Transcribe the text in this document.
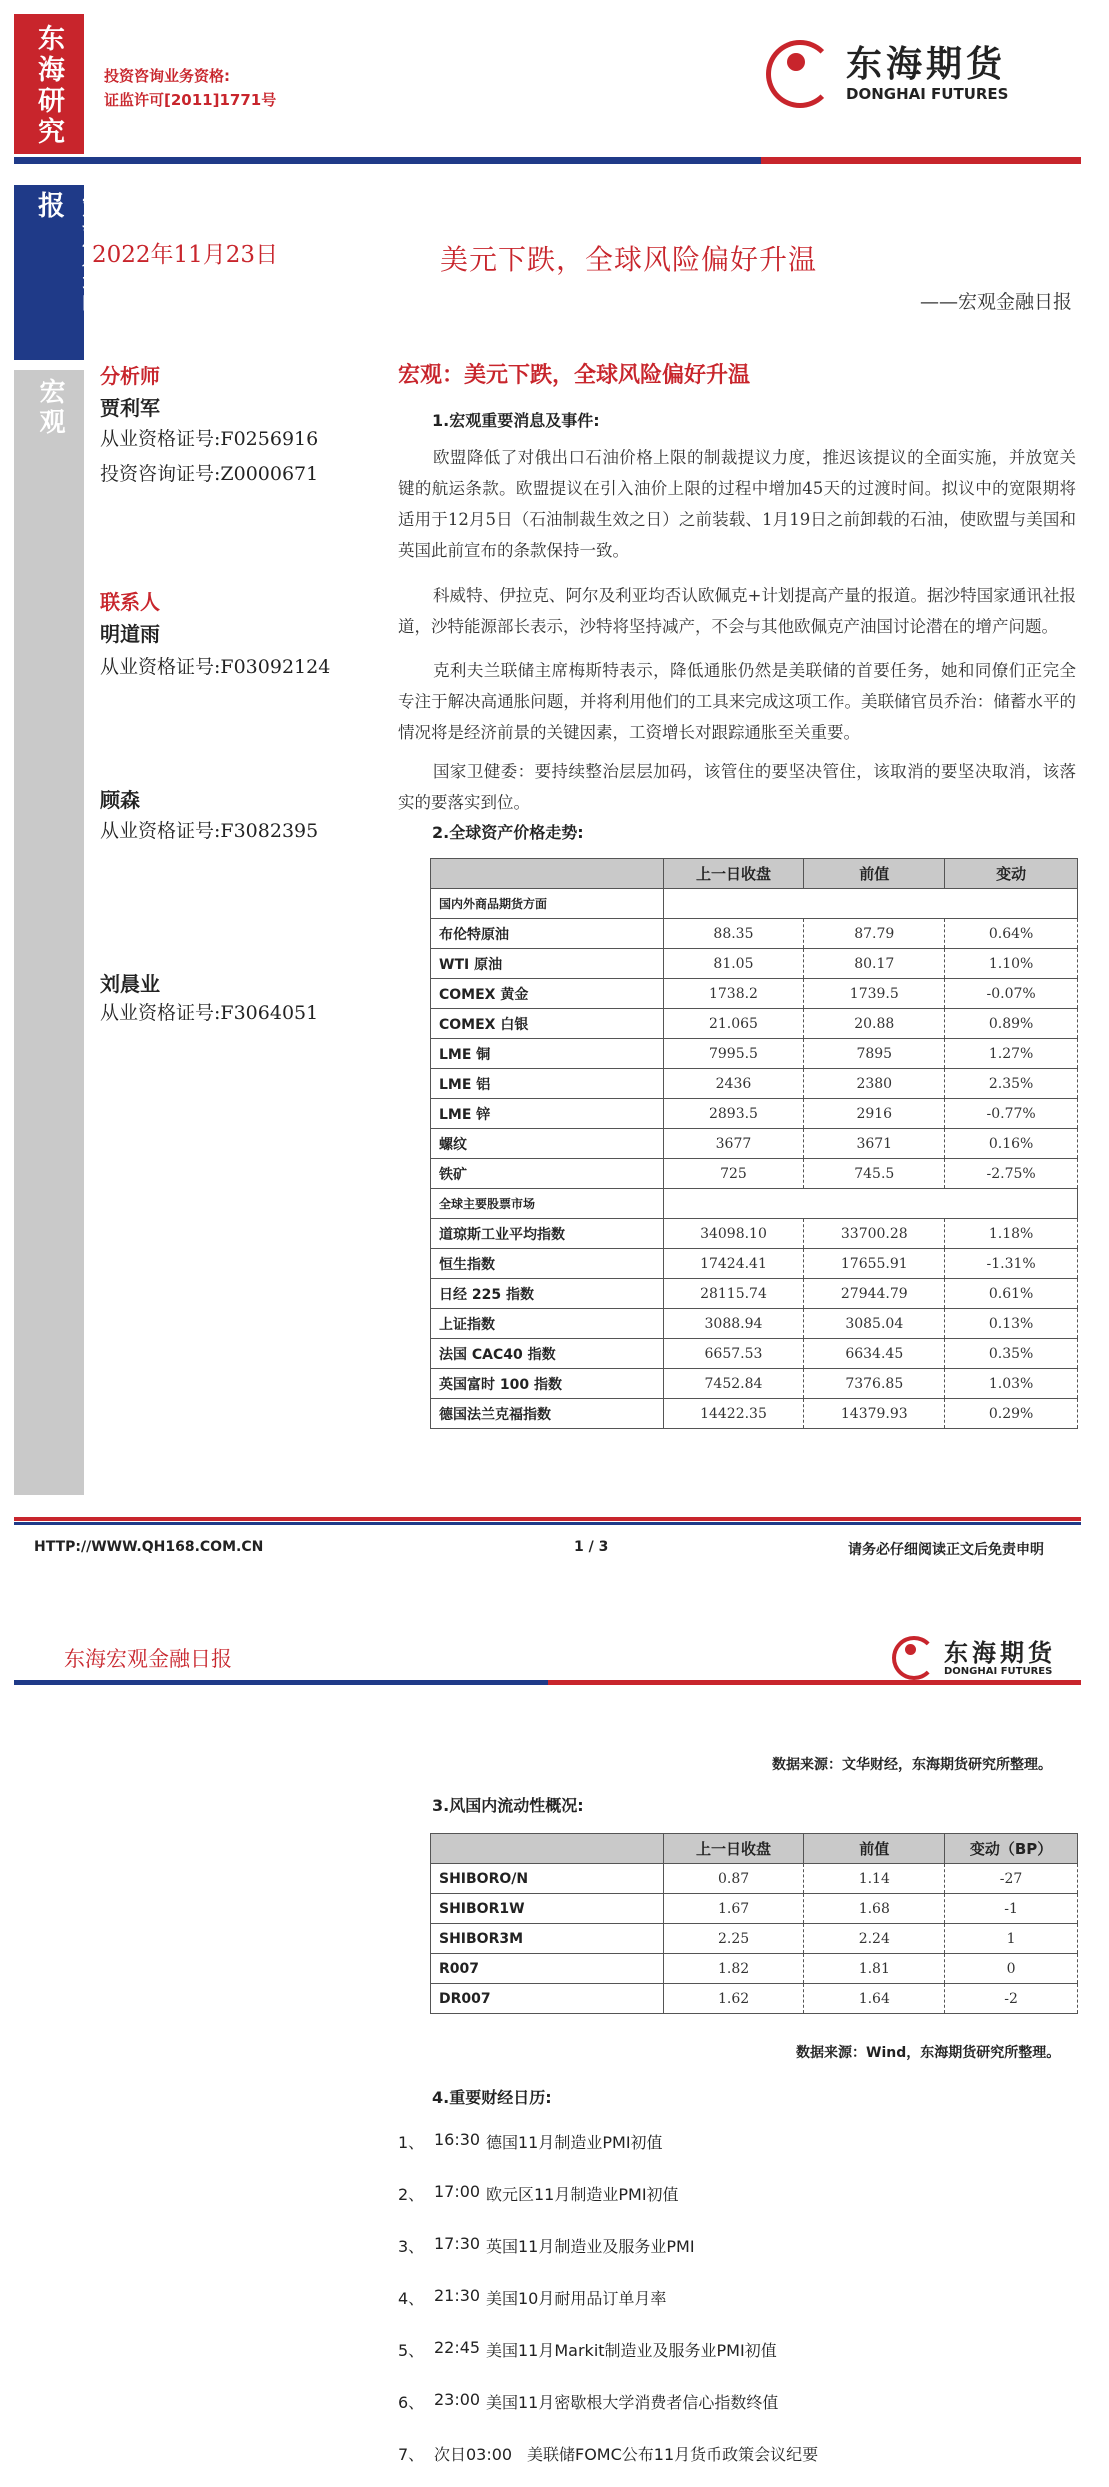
东海研究	投资咨询业务资格:
证监许可[2011]1771号
东海期货
DONGHAI FUTURES
宏观金融日报
宏观
2022年11月23日	美元下跌，全球风险偏好升温
——宏观金融日报
分析师
贾利军
从业资格证号:F0256916
投资咨询证号:Z0000671
联系人
明道雨
从业资格证号:F03092124
顾森
从业资格证号:F3082395
刘晨业
从业资格证号:F3064051
宏观：美元下跌，全球风险偏好升温
1.宏观重要消息及事件:
欧盟降低了对俄出口石油价格上限的制裁提议力度，推迟该提议的全面实施，并放宽关键的航运条款。欧盟提议在引入油价上限的过程中增加45天的过渡时间。拟议中的宽限期将适用于12月5日（石油制裁生效之日）之前装载、1月19日之前卸载的石油，使欧盟与美国和英国此前宣布的条款保持一致。
科威特、伊拉克、阿尔及利亚均否认欧佩克+计划提高产量的报道。据沙特国家通讯社报道，沙特能源部长表示，沙特将坚持减产，不会与其他欧佩克产油国讨论潜在的增产问题。
克利夫兰联储主席梅斯特表示，降低通胀仍然是美联储的首要任务，她和同僚们正完全专注于解决高通胀问题，并将利用他们的工具来完成这项工作。美联储官员乔治：储蓄水平的情况将是经济前景的关键因素，工资增长对跟踪通胀至关重要。
国家卫健委：要持续整治层层加码，该管住的要坚决管住，该取消的要坚决取消，该落实的要落实到位。
2.全球资产价格走势:
	上一日收盘	前值	变动
国内外商品期货方面			
布伦特原油	88.35	87.79	0.64%
WTI 原油	81.05	80.17	1.10%
COMEX 黄金	1738.2	1739.5	-0.07%
COMEX 白银	21.065	20.88	0.89%
LME 铜	7995.5	7895	1.27%
LME 铝	2436	2380	2.35%
LME 锌	2893.5	2916	-0.77%
螺纹	3677	3671	0.16%
铁矿	725	745.5	-2.75%
全球主要股票市场			
道琼斯工业平均指数	34098.10	33700.28	1.18%
恒生指数	17424.41	17655.91	-1.31%
日经 225 指数	28115.74	27944.79	0.61%
上证指数	3088.94	3085.04	0.13%
法国 CAC40 指数	6657.53	6634.45	0.35%
英国富时 100 指数	7452.84	7376.85	1.03%
德国法兰克福指数	14422.35	14379.93	0.29%
HTTP://WWW.QH168.COM.CN	1 / 3	请务必仔细阅读正文后免责申明
东海宏观金融日报	东海期货
DONGHAI FUTURES
数据来源：文华财经，东海期货研究所整理。
3.风国内流动性概况:
	上一日收盘	前值	变动（BP）
SHIBORO/N	0.87	1.14	-27
SHIBOR1W	1.67	1.68	-1
SHIBOR3M	2.25	2.24	1
R007	1.82	1.81	0
DR007	1.62	1.64	-2
数据来源：Wind，东海期货研究所整理。
4.重要财经日历:
1、 16:30 德国11月制造业PMI初值
2、 17:00 欧元区11月制造业PMI初值
3、 17:30 英国11月制造业及服务业PMI
4、 21:30 美国10月耐用品订单月率
5、 22:45 美国11月Markit制造业及服务业PMI初值
6、 23:00 美国11月密歇根大学消费者信心指数终值
7、 次日03:00 美联储FOMC公布11月货币政策会议纪要
